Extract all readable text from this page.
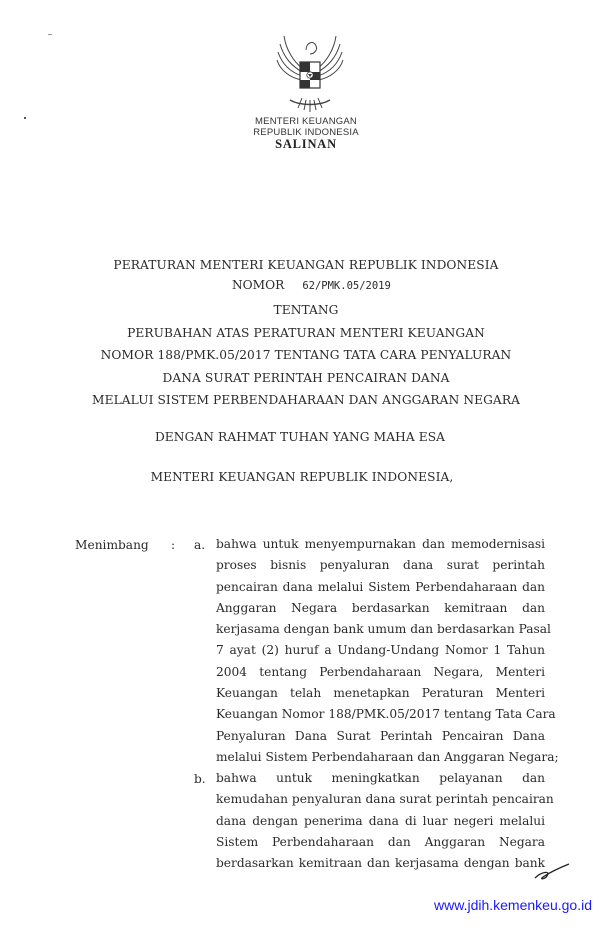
MENTERI KEUANGAN
REPUBLIK INDONESIA
SALINAN
PERATURAN MENTERI KEUANGAN REPUBLIK INDONESIA
NOMOR 62/PMK.05/2019
TENTANG
PERUBAHAN ATAS PERATURAN MENTERI KEUANGAN
NOMOR 188/PMK.05/2017 TENTANG TATA CARA PENYALURAN
DANA SURAT PERINTAH PENCAIRAN DANA
MELALUI SISTEM PERBENDAHARAAN DAN ANGGARAN NEGARA
DENGAN RAHMAT TUHAN YANG MAHA ESA
MENTERI KEUANGAN REPUBLIK INDONESIA,
Menimbang : a. bahwa untuk menyempurnakan dan memodernisasi
proses bisnis penyaluran dana surat perintah
pencairan dana melalui Sistem Perbendaharaan dan
Anggaran Negara berdasarkan kemitraan dan
kerjasama dengan bank umum dan berdasarkan Pasal
7 ayat (2) huruf a Undang-Undang Nomor 1 Tahun
2004 tentang Perbendaharaan Negara, Menteri
Keuangan telah menetapkan Peraturan Menteri
Keuangan Nomor 188/PMK.05/2017 tentang Tata Cara
Penyaluran Dana Surat Perintah Pencairan Dana
melalui Sistem Perbendaharaan dan Anggaran Negara;
b. bahwa untuk meningkatkan pelayanan dan
kemudahan penyaluran dana surat perintah pencairan
dana dengan penerima dana di luar negeri melalui
Sistem Perbendaharaan dan Anggaran Negara
berdasarkan kemitraan dan kerjasama dengan bank
www.jdih.kemenkeu.go.id
